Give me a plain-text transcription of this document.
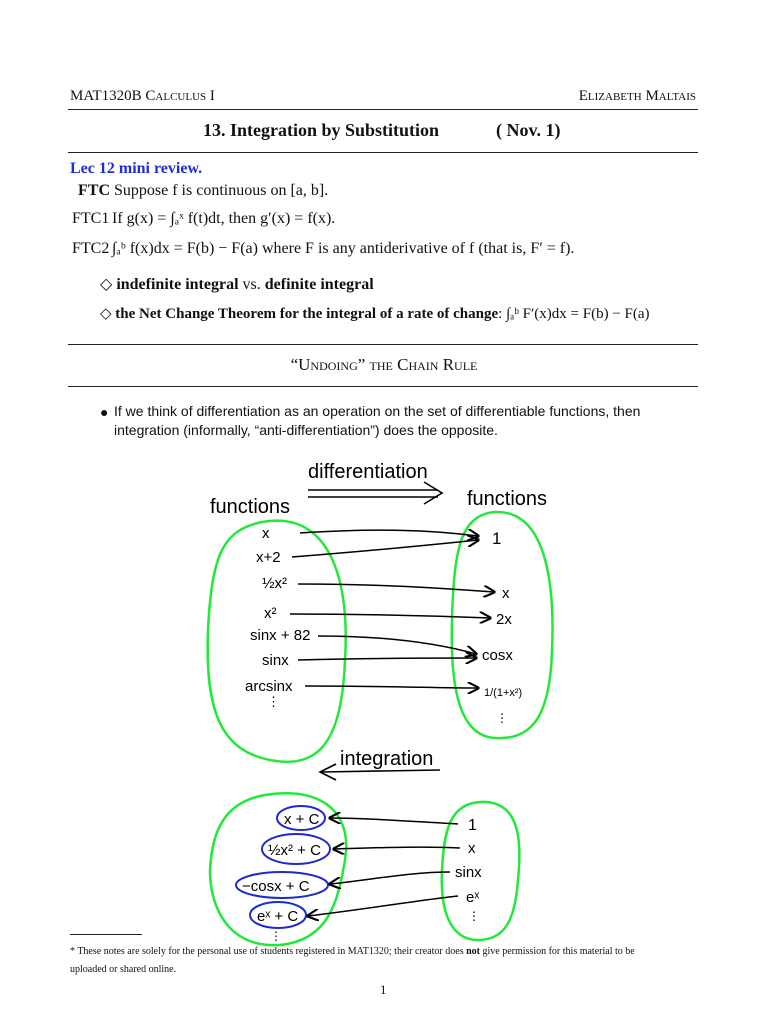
MAT1320B Calculus I	Elizabeth Maltais
13. Integration by Substitution	( Nov. 1)
Lec 12 mini review.
FTC Suppose f is continuous on [a, b].
FTC1 If g(x) = ∫ₐˣ f(t)dt, then g′(x) = f(x).
FTC2 ∫ₐᵇ f(x)dx = F(b) − F(a) where F is any antiderivative of f (that is, F′ = f).
◇ indefinite integral vs. definite integral
◇ the Net Change Theorem for the integral of a rate of change: ∫ₐᵇ F′(x)dx = F(b) − F(a)
“Undoing” the Chain Rule
● If we think of differentiation as an operation on the set of differentiable functions, then
integration (informally, “anti-differentiation”) does the opposite.
differentiation
functions	functions
x
x+2
½x²
x²
sinx + 82
sinx
arcsinx
⋮
1
x
2x
cosx
1/(1+x²)
⋮
integration
x + C
½x² + C
−cosx + C
eˣ + C
⋮
1
x
sinx
eˣ
⋮
* These notes are solely for the personal use of students registered in MAT1320; their creator does not give permission for this material to be
uploaded or shared online.
1
